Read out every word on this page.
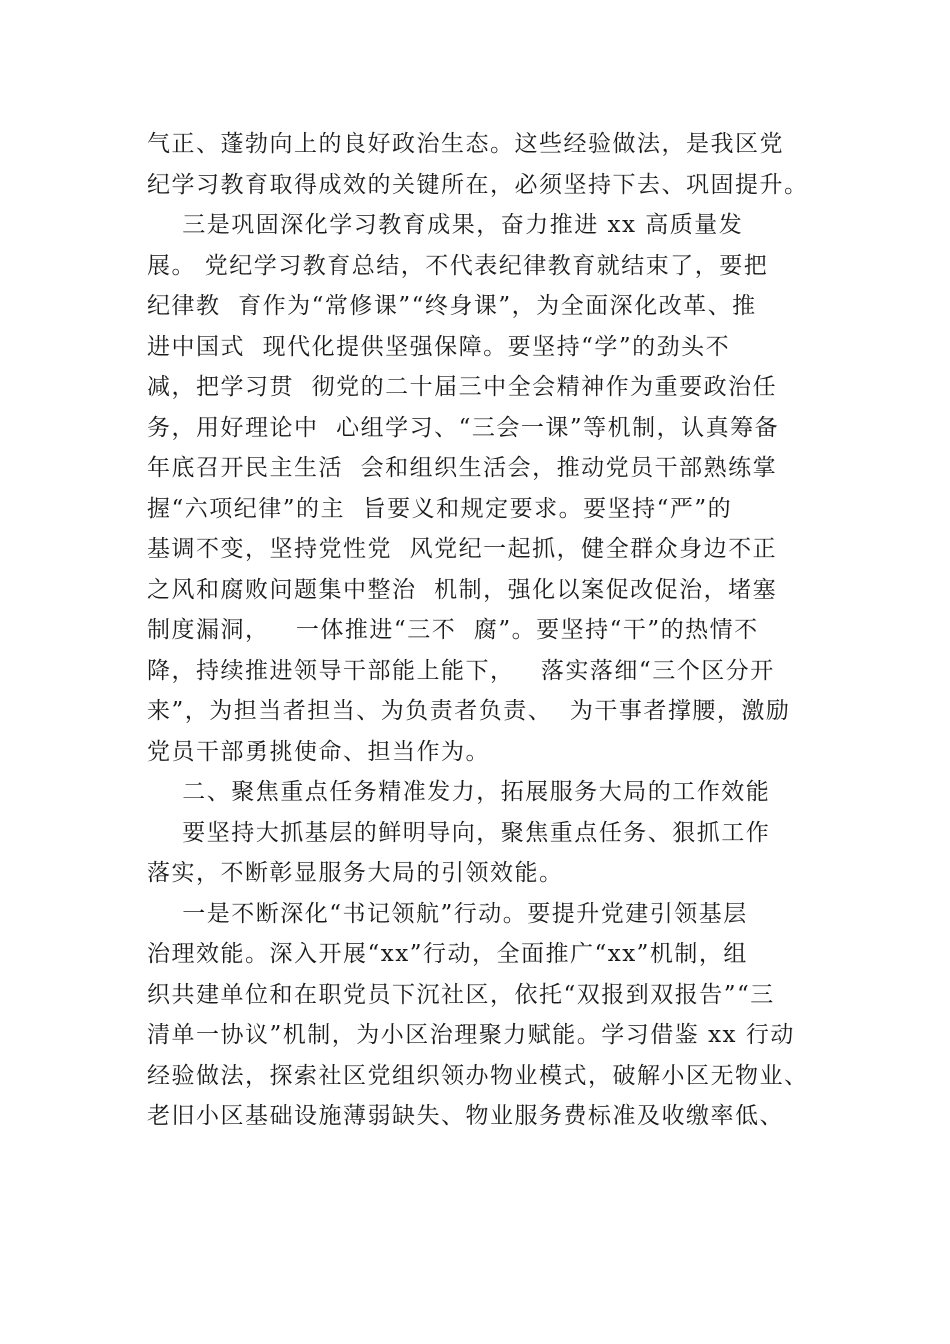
气正、蓬勃向上的良好政治生态。这些经验做法，是我区党
纪学习教育取得成效的关键所在，必须坚持下去、巩固提升。
三是巩固深化学习教育成果，奋力推进 xx 高质量发
展。 党纪学习教育总结，不代表纪律教育就结束了，要把
纪律教  育作为“常修课”“终身课”，为全面深化改革、推
进中国式  现代化提供坚强保障。要坚持“学”的劲头不
减，把学习贯  彻党的二十届三中全会精神作为重要政治任
务，用好理论中  心组学习、“三会一课”等机制，认真筹备
年底召开民主生活  会和组织生活会，推动党员干部熟练掌
握“六项纪律”的主  旨要义和规定要求。要坚持“严”的
基调不变，坚持党性党  风党纪一起抓，健全群众身边不正
之风和腐败问题集中整治  机制，强化以案促改促治，堵塞
制度漏洞，   一体推进“三不  腐”。要坚持“干”的热情不
降，持续推进领导干部能上能下，   落实落细“三个区分开
来”，为担当者担当、为负责者负责、  为干事者撑腰，激励
党员干部勇挑使命、担当作为。
二、聚焦重点任务精准发力，拓展服务大局的工作效能
要坚持大抓基层的鲜明导向，聚焦重点任务、狠抓工作
落实，不断彰显服务大局的引领效能。
一是不断深化“书记领航”行动。要提升党建引领基层
治理效能。深入开展“xx”行动，全面推广“xx”机制，组
织共建单位和在职党员下沉社区，依托“双报到双报告”“三
清单一协议”机制，为小区治理聚力赋能。学习借鉴 xx 行动
经验做法，探索社区党组织领办物业模式，破解小区无物业、
老旧小区基础设施薄弱缺失、物业服务费标准及收缴率低、
